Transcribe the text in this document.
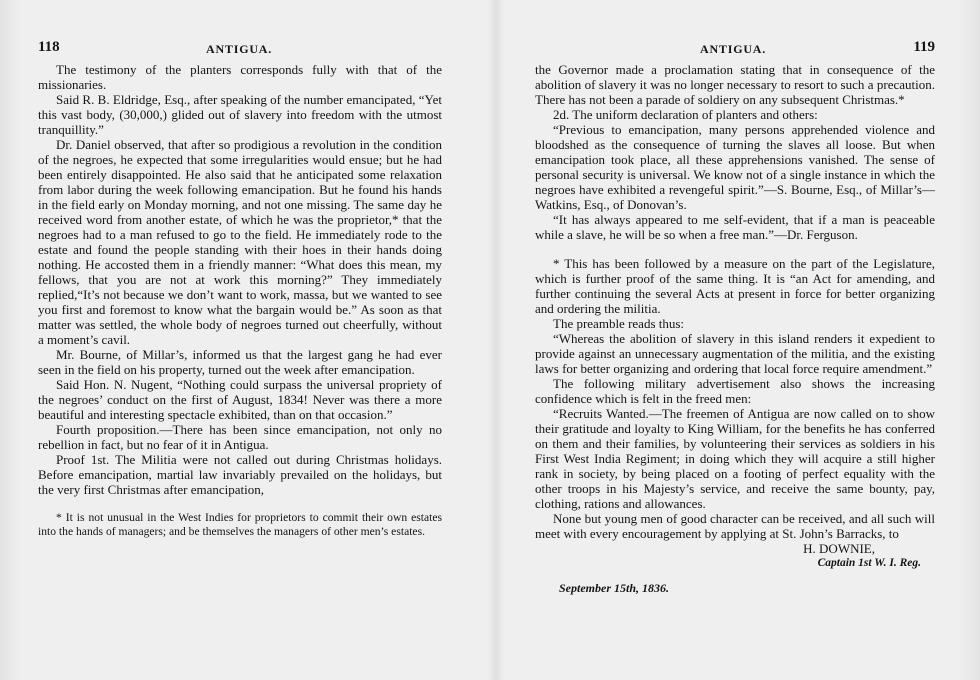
118	ANTIGUA.

The testimony of the planters corresponds fully with that of the missionaries.

Said R. B. Eldridge, Esq., after speaking of the number emancipated, “Yet this vast body, (30,000,) glided out of slavery into freedom with the utmost tranquillity.”

Dr. Daniel observed, that after so prodigious a revolution in the condition of the negroes, he expected that some irregularities would ensue; but he had been entirely disappointed. He also said that he anticipated some relaxation from labor during the week following emancipation. But he found his hands in the field early on Monday morning, and not one missing. The same day he received word from another estate, of which he was the proprietor,* that the negroes had to a man refused to go to the field. He immediately rode to the estate and found the people standing with their hoes in their hands doing nothing. He accosted them in a friendly manner: “What does this mean, my fellows, that you are not at work this morning?” They immediately replied,“It’s not because we don’t want to work, massa, but we wanted to see you first and foremost to know what the bargain would be.” As soon as that matter was settled, the whole body of negroes turned out cheerfully, without a moment’s cavil.

Mr. Bourne, of Millar’s, informed us that the largest gang he had ever seen in the field on his property, turned out the week after emancipation.

Said Hon. N. Nugent, “Nothing could surpass the universal propriety of the negroes’ conduct on the first of August, 1834! Never was there a more beautiful and interesting spectacle exhibited, than on that occasion.”

Fourth proposition.—There has been since emancipation, not only no rebellion in fact, but no fear of it in Antigua.

Proof 1st. The Militia were not called out during Christmas holidays. Before emancipation, martial law invariably prevailed on the holidays, but the very first Christmas after emancipation,

* It is not unusual in the West Indies for proprietors to commit their own estates into the hands of managers; and be themselves the managers of other men’s estates.

ANTIGUA.	119

the Governor made a proclamation stating that in consequence of the abolition of slavery it was no longer necessary to resort to such a precaution. There has not been a parade of soldiery on any subsequent Christmas.*

2d. The uniform declaration of planters and others:

“Previous to emancipation, many persons apprehended violence and bloodshed as the consequence of turning the slaves all loose. But when emancipation took place, all these apprehensions vanished. The sense of personal security is universal. We know not of a single instance in which the negroes have exhibited a revengeful spirit.”—S. Bourne, Esq., of Millar’s—Watkins, Esq., of Donovan’s.

“It has always appeared to me self-evident, that if a man is peaceable while a slave, he will be so when a free man.”—Dr. Ferguson.

* This has been followed by a measure on the part of the Legislature, which is further proof of the same thing. It is “an Act for amending, and further continuing the several Acts at present in force for better organizing and ordering the militia.

The preamble reads thus:

“Whereas the abolition of slavery in this island renders it expedient to provide against an unnecessary augmentation of the militia, and the existing laws for better organizing and ordering that local force require amendment.”

The following military advertisement also shows the increasing confidence which is felt in the freed men:

“Recruits Wanted.—The freemen of Antigua are now called on to show their gratitude and loyalty to King William, for the benefits he has conferred on them and their families, by volunteering their services as soldiers in his First West India Regiment; in doing which they will acquire a still higher rank in society, by being placed on a footing of perfect equality with the other troops in his Majesty’s service, and receive the same bounty, pay, clothing, rations and allowances.

None but young men of good character can be received, and all such will meet with every encouragement by applying at St. John’s Barracks, to

H. DOWNIE,

Captain 1st W. I. Reg.

September 15th, 1836.
